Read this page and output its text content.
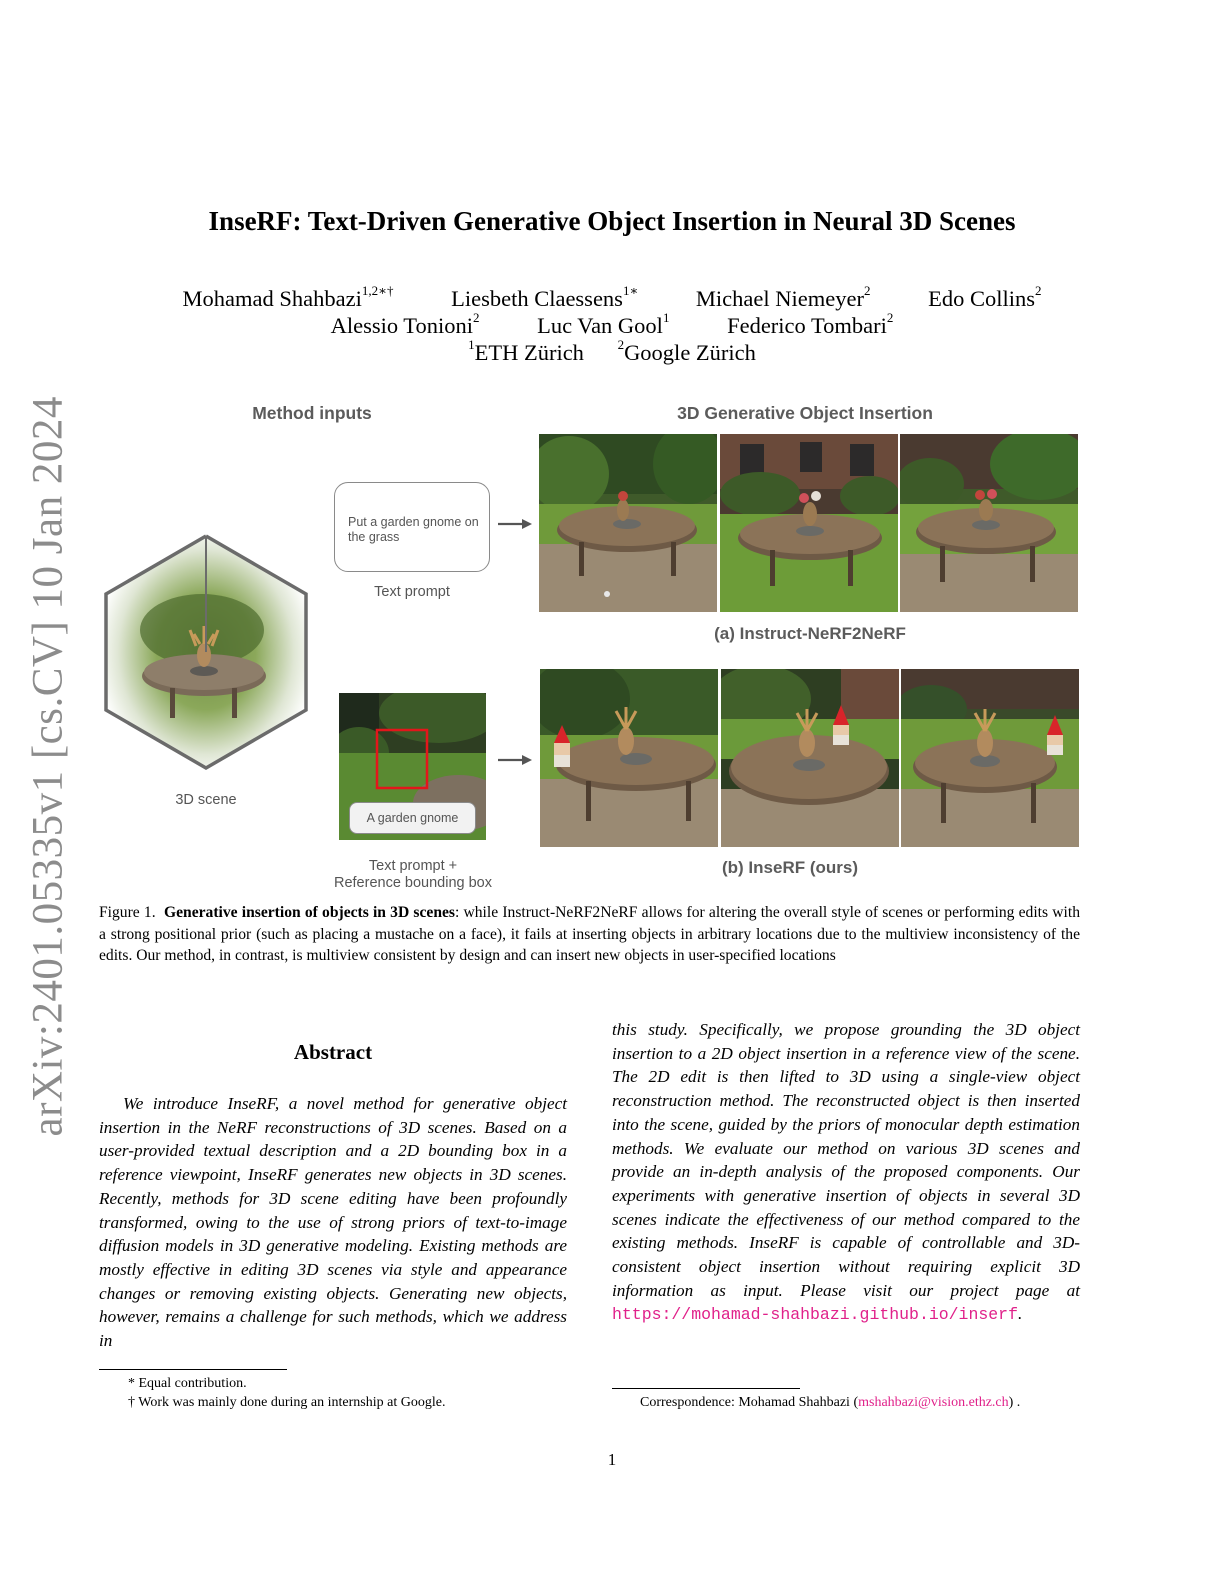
arXiv:2401.05335v1 [cs.CV] 10 Jan 2024
InseRF: Text-Driven Generative Object Insertion in Neural 3D Scenes
Mohamad Shahbazi$^{1,2∗\dagger}$	Liesbeth Claessens$^{1∗}$	Michael Niemeyer$^2$	Edo Collins$^2$
Alessio Tonioni$^2$	Luc Van Gool$^1$	Federico Tombari$^2$
$^1$ETH Zürich	$^2$Google Zürich
Method inputs	3D Generative Object Insertion
3D scene
Put a garden gnome on the grass
Text prompt
(a) Instruct-NeRF2NeRF
A garden gnome
Text prompt +
Reference bounding box
(b) InseRF (ours)
Figure 1. Generative insertion of objects in 3D scenes: while Instruct-NeRF2NeRF allows for altering the overall style of scenes or performing edits with a strong positional prior (such as placing a mustache on a face), it fails at inserting objects in arbitrary locations due to the multiview inconsistency of the edits. Our method, in contrast, is multiview consistent by design and can insert new objects in user-specified locations
Abstract
We introduce InseRF, a novel method for generative object insertion in the NeRF reconstructions of 3D scenes. Based on a user-provided textual description and a 2D bounding box in a reference viewpoint, InseRF generates new objects in 3D scenes. Recently, methods for 3D scene editing have been profoundly transformed, owing to the use of strong priors of text-to-image diffusion models in 3D generative modeling. Existing methods are mostly effective in editing 3D scenes via style and appearance changes or removing existing objects. Generating new objects, however, remains a challenge for such methods, which we address in
this study. Specifically, we propose grounding the 3D object insertion to a 2D object insertion in a reference view of the scene. The 2D edit is then lifted to 3D using a single-view object reconstruction method. The reconstructed object is then inserted into the scene, guided by the priors of monocular depth estimation methods. We evaluate our method on various 3D scenes and provide an in-depth analysis of the proposed components. Our experiments with generative insertion of objects in several 3D scenes indicate the effectiveness of our method compared to the existing methods. InseRF is capable of controllable and 3D-consistent object insertion without requiring explicit 3D information as input. Please visit our project page at https://mohamad-shahbazi.github.io/inserf.
* Equal contribution.
† Work was mainly done during an internship at Google.	Correspondence: Mohamad Shahbazi (mshahbazi@vision.ethz.ch) .
1
